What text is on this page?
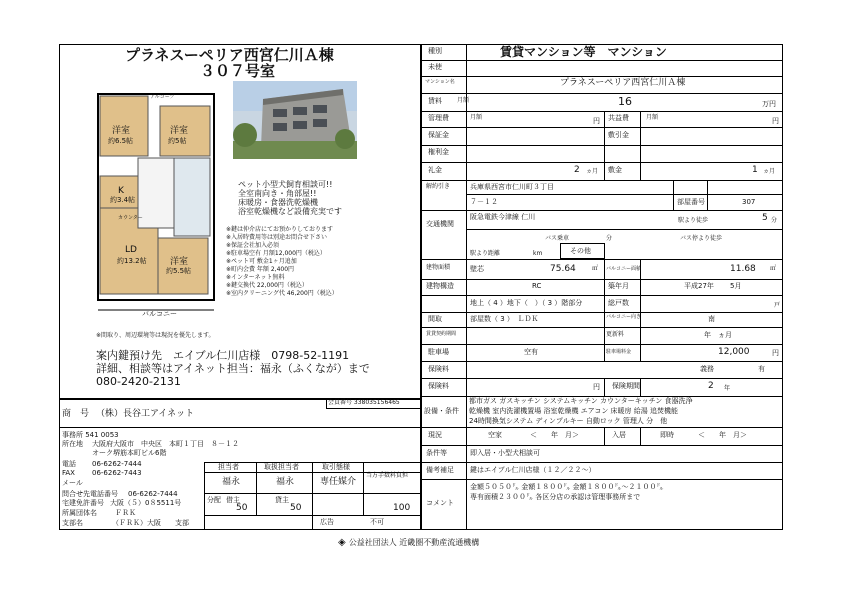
プラネスーペリア西宮仁川Ａ棟
３０７号室
洋室
約6.5帖
洋室
約5帖
K
約3.4帖
LD
約13.2帖	洋室
約5.5帖
アルコーブ
カウンター
バルコニー
※間取り、周辺環境等は現況を優先します。
ペット小型犬飼育相談可!!
全室南向き・角部屋!!
床暖房・食器洗乾燥機
浴室乾燥機など設備充実です
※鍵は仲介店にてお預かりしております
※入居時費用等は別途お問合せ下さい
※保証会社加入必須
※駐車場空有 月額12,000円（税込）
※ペット可 敷金1ヶ月追加
※町内会費 年額 2,400円
※インターネット無料
※鍵交換代 22,000円（税込）
※室内クリーニング代 46,200円（税込）
案内鍵預け先　エイブル仁川店様　0798-52-1191
詳細、相談等はアイネット担当：福永（ふくなが）まで
080-2420-2131
会員番号 338035156465
商　号 （株）長谷工アイネット
事務所 541 0053
所在地 大阪府大阪市　中央区　本町１丁目　８－１２
オーク堺筋本町ビル6階
電話 06-6262-7444
FAX 06-6262-7443
メール
問合せ先電話番号 06-6262-7444
宅建免許番号 大阪（５）0８5511号
所属団体名	ＦＲＫ
支部名	（ＦＲＫ）大阪　　支部
担当者	取扱担当者	取引態様
当方手数料負担
福永	福永	専任媒介
分配 借主
50
貸主
50	100
広告	不可
種別	賃貸マンション等　マンション
未使
マンション名	プラネスーペリア西宮仁川Ａ棟
賃料	月額	16	万円
管理費	月額	円 共益費	月額	円
保証金	敷引金
権利金
礼金	2 ヵ月 敷金	1 ヵ月
解約引き	兵庫県西宮市仁川町３丁目
７－１２	部屋番号	307
交通機関
阪急電鉄今津線 仁川	駅より徒歩	5 分
バス乗車	分	バス停より徒歩
その他
駅より距離	km
建物面積	壁芯	75.64	㎡ バルコニー面積	11.68 ㎡
建物構造	RC	築年月	平成27年 5月
地上（ 4 ）地下（　）（ 3 ）階部分	総戸数	戸
間取	部屋数（ 3 ）　ＬＤＫ	バルコニー向き	南
賃貸契約期間	更新料	年　ヵ月
駐車場	空有	駐車場料金	12,000	円
保険料	義務	有
保険料	円 保険期間	2 年
設備・条件
都市ガス ガスキッチン システムキッチン カウンターキッチン 食器洗浄
乾燥機 室内洗濯機置場 浴室乾燥機 エアコン 床暖房 給湯 追焚機能
24時間換気システム ディンプルキー 自動ロック 管理人 分　他
現況	空家	＜　　年　月＞	入居	即時	＜　　年　月＞
条件等	即入居・小型犬相談可
備考補足 鍵はエイブル仁川店様（１２／２２～）
コメント
金額５０５０㌦ 金額１８００㌦ 金額１８００㌦～２１００㌦
専有面積２３００㌦ 各区分店の承認は管理事務所まで
◈ 公益社団法人 近畿圏不動産流通機構
